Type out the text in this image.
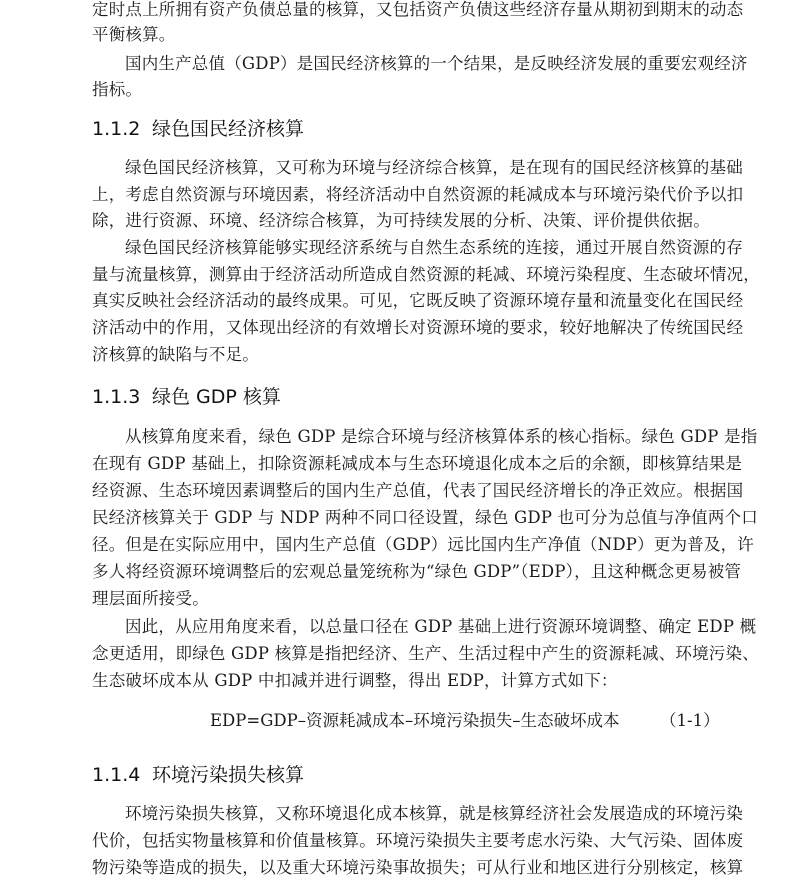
定时点上所拥有资产负债总量的核算，又包括资产负债这些经济存量从期初到期末的动态
平衡核算。
国内生产总值（GDP）是国民经济核算的一个结果，是反映经济发展的重要宏观经济
指标。
1.1.2 绿色国民经济核算
绿色国民经济核算，又可称为环境与经济综合核算，是在现有的国民经济核算的基础
上，考虑自然资源与环境因素，将经济活动中自然资源的耗减成本与环境污染代价予以扣
除，进行资源、环境、经济综合核算，为可持续发展的分析、决策、评价提供依据。
绿色国民经济核算能够实现经济系统与自然生态系统的连接，通过开展自然资源的存
量与流量核算，测算由于经济活动所造成自然资源的耗减、环境污染程度、生态破坏情况，
真实反映社会经济活动的最终成果。可见，它既反映了资源环境存量和流量变化在国民经
济活动中的作用，又体现出经济的有效增长对资源环境的要求，较好地解决了传统国民经
济核算的缺陷与不足。
1.1.3 绿色 GDP 核算
从核算角度来看，绿色 GDP 是综合环境与经济核算体系的核心指标。绿色 GDP 是指
在现有 GDP 基础上，扣除资源耗减成本与生态环境退化成本之后的余额，即核算结果是
经资源、生态环境因素调整后的国内生产总值，代表了国民经济增长的净正效应。根据国
民经济核算关于 GDP 与 NDP 两种不同口径设置，绿色 GDP 也可分为总值与净值两个口
径。但是在实际应用中，国内生产总值（GDP）远比国内生产净值（NDP）更为普及，许
多人将经资源环境调整后的宏观总量笼统称为“绿色 GDP”（EDP），且这种概念更易被管
理层面所接受。
因此，从应用角度来看，以总量口径在 GDP 基础上进行资源环境调整、确定 EDP 概
念更适用，即绿色 GDP 核算是指把经济、生产、生活过程中产生的资源耗减、环境污染、
生态破坏成本从 GDP 中扣减并进行调整，得出 EDP，计算方式如下：
EDP=GDP–资源耗减成本–环境污染损失–生态破坏成本 （1-1）
1.1.4 环境污染损失核算
环境污染损失核算，又称环境退化成本核算，就是核算经济社会发展造成的环境污染
代价，包括实物量核算和价值量核算。环境污染损失主要考虑水污染、大气污染、固体废
物污染等造成的损失，以及重大环境污染事故损失；可从行业和地区进行分别核定，核算
